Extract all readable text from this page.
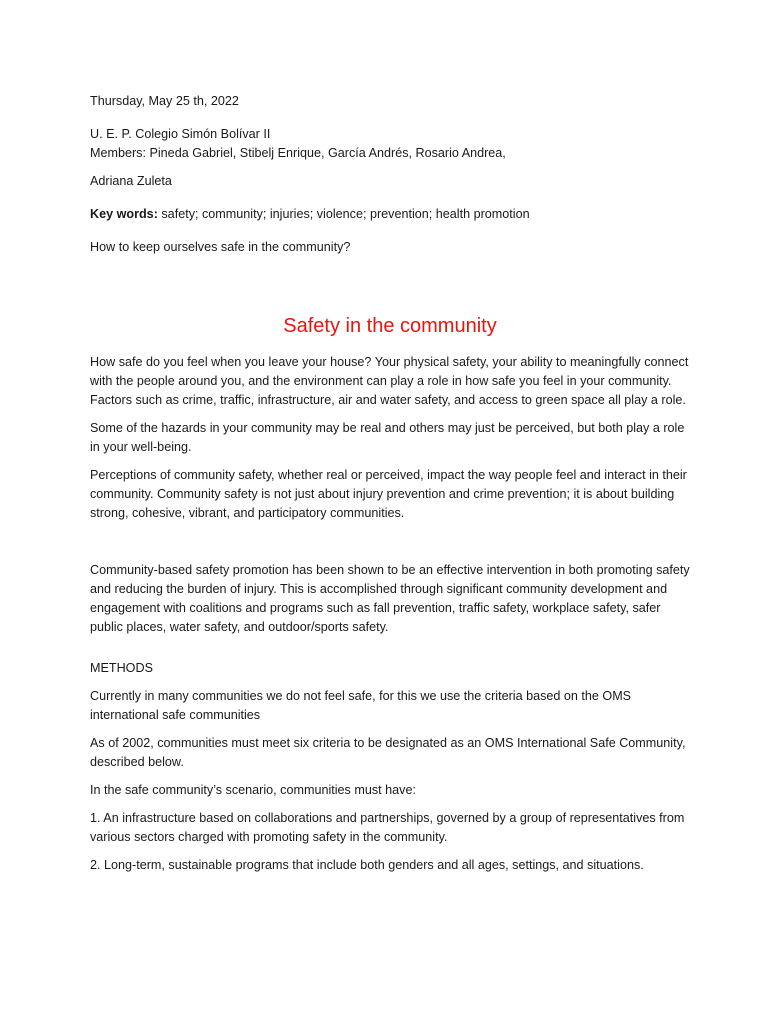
Thursday, May 25 th, 2022

U. E. P. Colegio Simón Bolívar II
Members: Pineda Gabriel, Stibelj Enrique, García Andrés, Rosario Andrea,

Adriana Zuleta

Key words: safety; community; injuries; violence; prevention; health promotion

How to keep ourselves safe in the community?

Safety in the community

How safe do you feel when you leave your house? Your physical safety, your ability to meaningfully connect with the people around you, and the environment can play a role in how safe you feel in your community. Factors such as crime, traffic, infrastructure, air and water safety, and access to green space all play a role.

Some of the hazards in your community may be real and others may just be perceived, but both play a role in your well-being.

Perceptions of community safety, whether real or perceived, impact the way people feel and interact in their community. Community safety is not just about injury prevention and crime prevention; it is about building strong, cohesive, vibrant, and participatory communities.

Community-based safety promotion has been shown to be an effective intervention in both promoting safety and reducing the burden of injury. This is accomplished through significant community development and engagement with coalitions and programs such as fall prevention, traffic safety, workplace safety, safer public places, water safety, and outdoor/sports safety.

METHODS

Currently in many communities we do not feel safe, for this we use the criteria based on the OMS international safe communities

As of 2002, communities must meet six criteria to be designated as an OMS International Safe Community, described below.

In the safe community’s scenario, communities must have:

1. An infrastructure based on collaborations and partnerships, governed by a group of representatives from various sectors charged with promoting safety in the community.

2. Long-term, sustainable programs that include both genders and all ages, settings, and situations.
